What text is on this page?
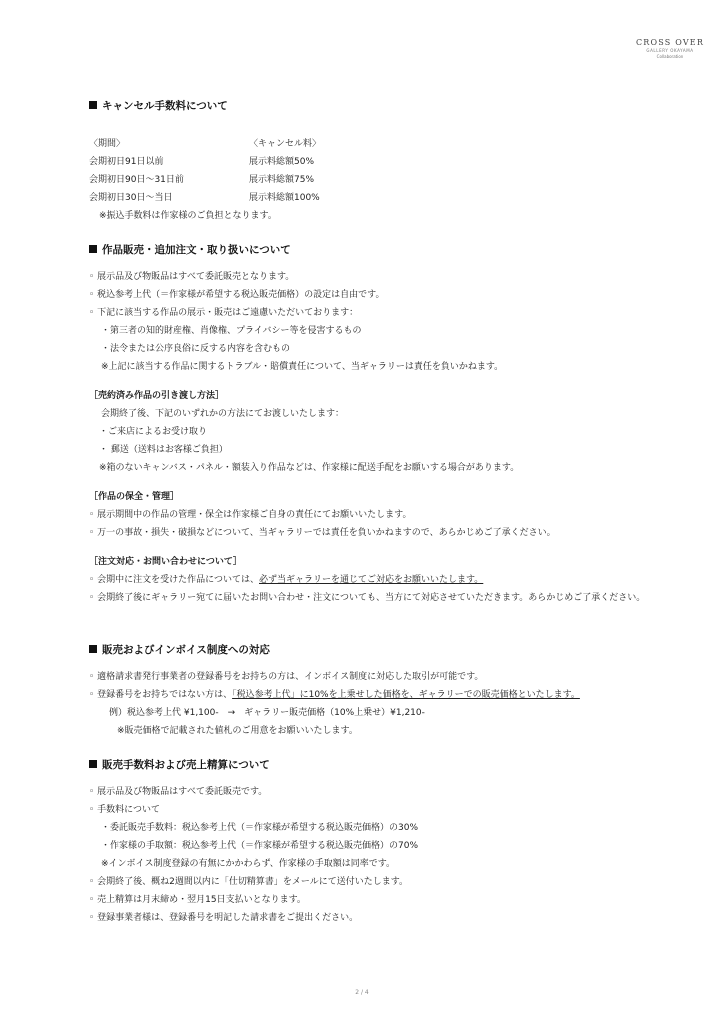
CROSS OVER
GALLERY OKAYAMA
Collaboration
キャンセル手数料について
〈期間〉	〈キャンセル料〉
会期初日91日以前	展示料総額50%
会期初日90日～31日前	展示料総額75%
会期初日30日～当日	展示料総額100%
※振込手数料は作家様のご負担となります。
作品販売・追加注文・取り扱いについて
◦ 展示品及び物販品はすべて委託販売となります。
◦ 税込参考上代（＝作家様が希望する税込販売価格）の設定は自由です。
◦ 下記に該当する作品の展示・販売はご遠慮いただいております：
・第三者の知的財産権、肖像権、プライバシー等を侵害するもの
・法令または公序良俗に反する内容を含むもの
※上記に該当する作品に関するトラブル・賠償責任について、当ギャラリーは責任を負いかねます。
［売約済み作品の引き渡し方法］
会期終了後、下記のいずれかの方法にてお渡しいたします：
・ご来店によるお受け取り
・ 郵送（送料はお客様ご負担）
※箱のないキャンバス・パネル・額装入り作品などは、作家様に配送手配をお願いする場合があります。
［作品の保全・管理］
◦ 展示期間中の作品の管理・保全は作家様ご自身の責任にてお願いいたします。
◦ 万一の事故・損失・破損などについて、当ギャラリーでは責任を負いかねますので、あらかじめご了承ください。
［注文対応・お問い合わせについて］
◦ 会期中に注文を受けた作品については、必ず当ギャラリーを通じてご対応をお願いいたします。
◦ 会期終了後にギャラリー宛てに届いたお問い合わせ・注文についても、当方にて対応させていただきます。あらかじめご了承ください。
販売およびインボイス制度への対応
◦ 適格請求書発行事業者の登録番号をお持ちの方は、インボイス制度に対応した取引が可能です。
◦ 登録番号をお持ちではない方は、「税込参考上代」に10%を上乗せした価格を、ギャラリーでの販売価格といたします。
例）税込参考上代 ¥1,100-　→　ギャラリー販売価格（10%上乗せ）¥1,210-
※販売価格で記載された値札のご用意をお願いいたします。
販売手数料および売上精算について
◦ 展示品及び物販品はすべて委託販売です。
◦ 手数料について
・委託販売手数料：税込参考上代（＝作家様が希望する税込販売価格）の30%
・作家様の手取額：税込参考上代（＝作家様が希望する税込販売価格）の70%
※インボイス制度登録の有無にかかわらず、作家様の手取額は同率です。
◦ 会期終了後、概ね2週間以内に「仕切精算書」をメールにて送付いたします。
◦ 売上精算は月末締め・翌月15日支払いとなります。
◦ 登録事業者様は、登録番号を明記した請求書をご提出ください。
2 / 4
